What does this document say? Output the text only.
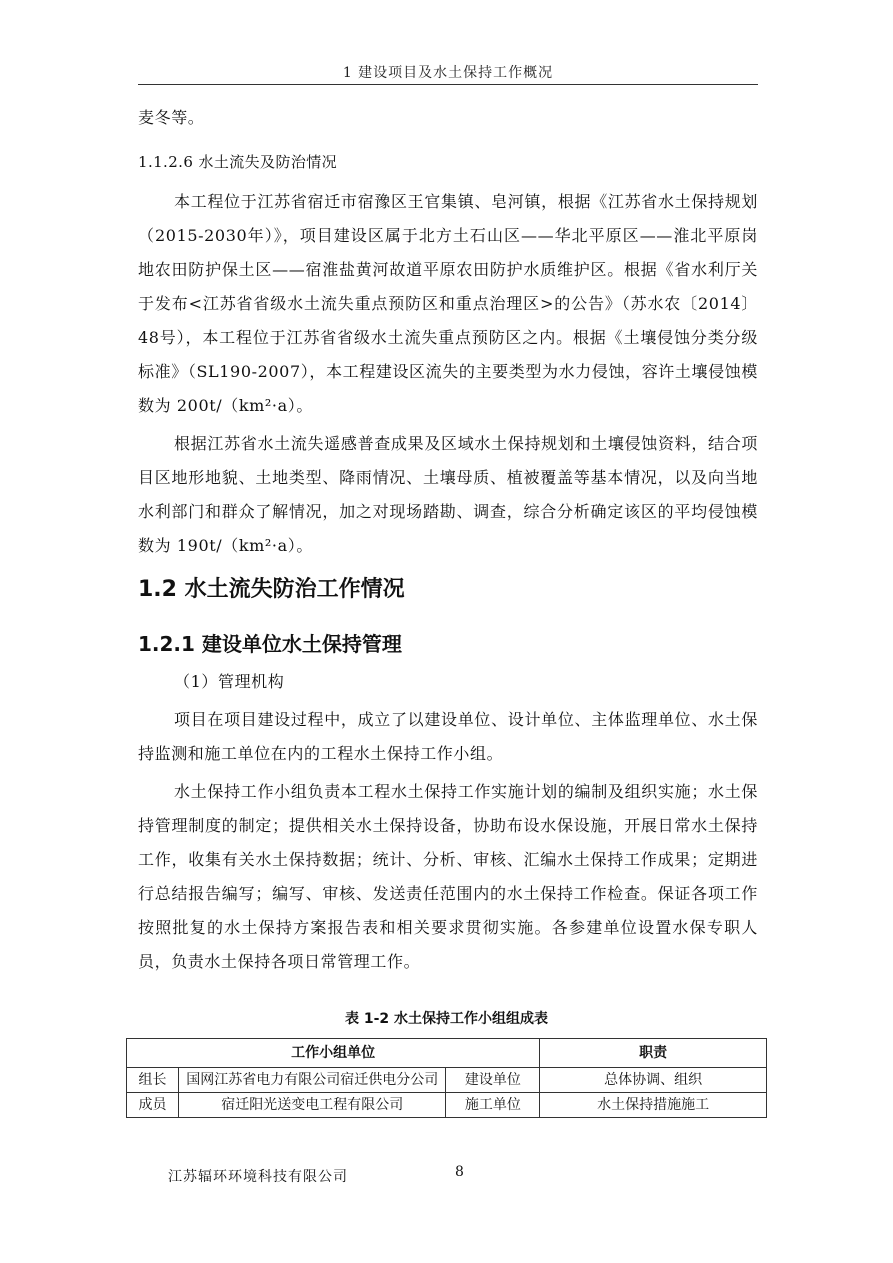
1 建设项目及水土保持工作概况

麦冬等。

1.1.2.6 水土流失及防治情况

本工程位于江苏省宿迁市宿豫区王官集镇、皂河镇，根据《江苏省水土保持规划（2015-2030年）》，项目建设区属于北方土石山区——华北平原区——淮北平原岗地农田防护保土区——宿淮盐黄河故道平原农田防护水质维护区。根据《省水利厅关于发布<江苏省省级水土流失重点预防区和重点治理区>的公告》（苏水农〔2014〕48号），本工程位于江苏省省级水土流失重点预防区之内。根据《土壤侵蚀分类分级标准》（SL190-2007），本工程建设区流失的主要类型为水力侵蚀，容许土壤侵蚀模数为 200t/（km²·a）。

根据江苏省水土流失遥感普查成果及区域水土保持规划和土壤侵蚀资料，结合项目区地形地貌、土地类型、降雨情况、土壤母质、植被覆盖等基本情况，以及向当地水利部门和群众了解情况，加之对现场踏勘、调查，综合分析确定该区的平均侵蚀模数为 190t/（km²·a）。

1.2 水土流失防治工作情况
1.2.1 建设单位水土保持管理

（1）管理机构

项目在项目建设过程中，成立了以建设单位、设计单位、主体监理单位、水土保持监测和施工单位在内的工程水土保持工作小组。

水土保持工作小组负责本工程水土保持工作实施计划的编制及组织实施；水土保持管理制度的制定；提供相关水土保持设备，协助布设水保设施，开展日常水土保持工作，收集有关水土保持数据；统计、分析、审核、汇编水土保持工作成果；定期进行总结报告编写；编写、审核、发送责任范围内的水土保持工作检查。保证各项工作按照批复的水土保持方案报告表和相关要求贯彻实施。各参建单位设置水保专职人员，负责水土保持各项日常管理工作。

表 1-2 水土保持工作小组组成表

工作小组单位			职责
组长	国网江苏省电力有限公司宿迁供电分公司	建设单位	总体协调、组织
成员	宿迁阳光送变电工程有限公司	施工单位	水土保持措施施工
江苏辐环环境科技有限公司	8
